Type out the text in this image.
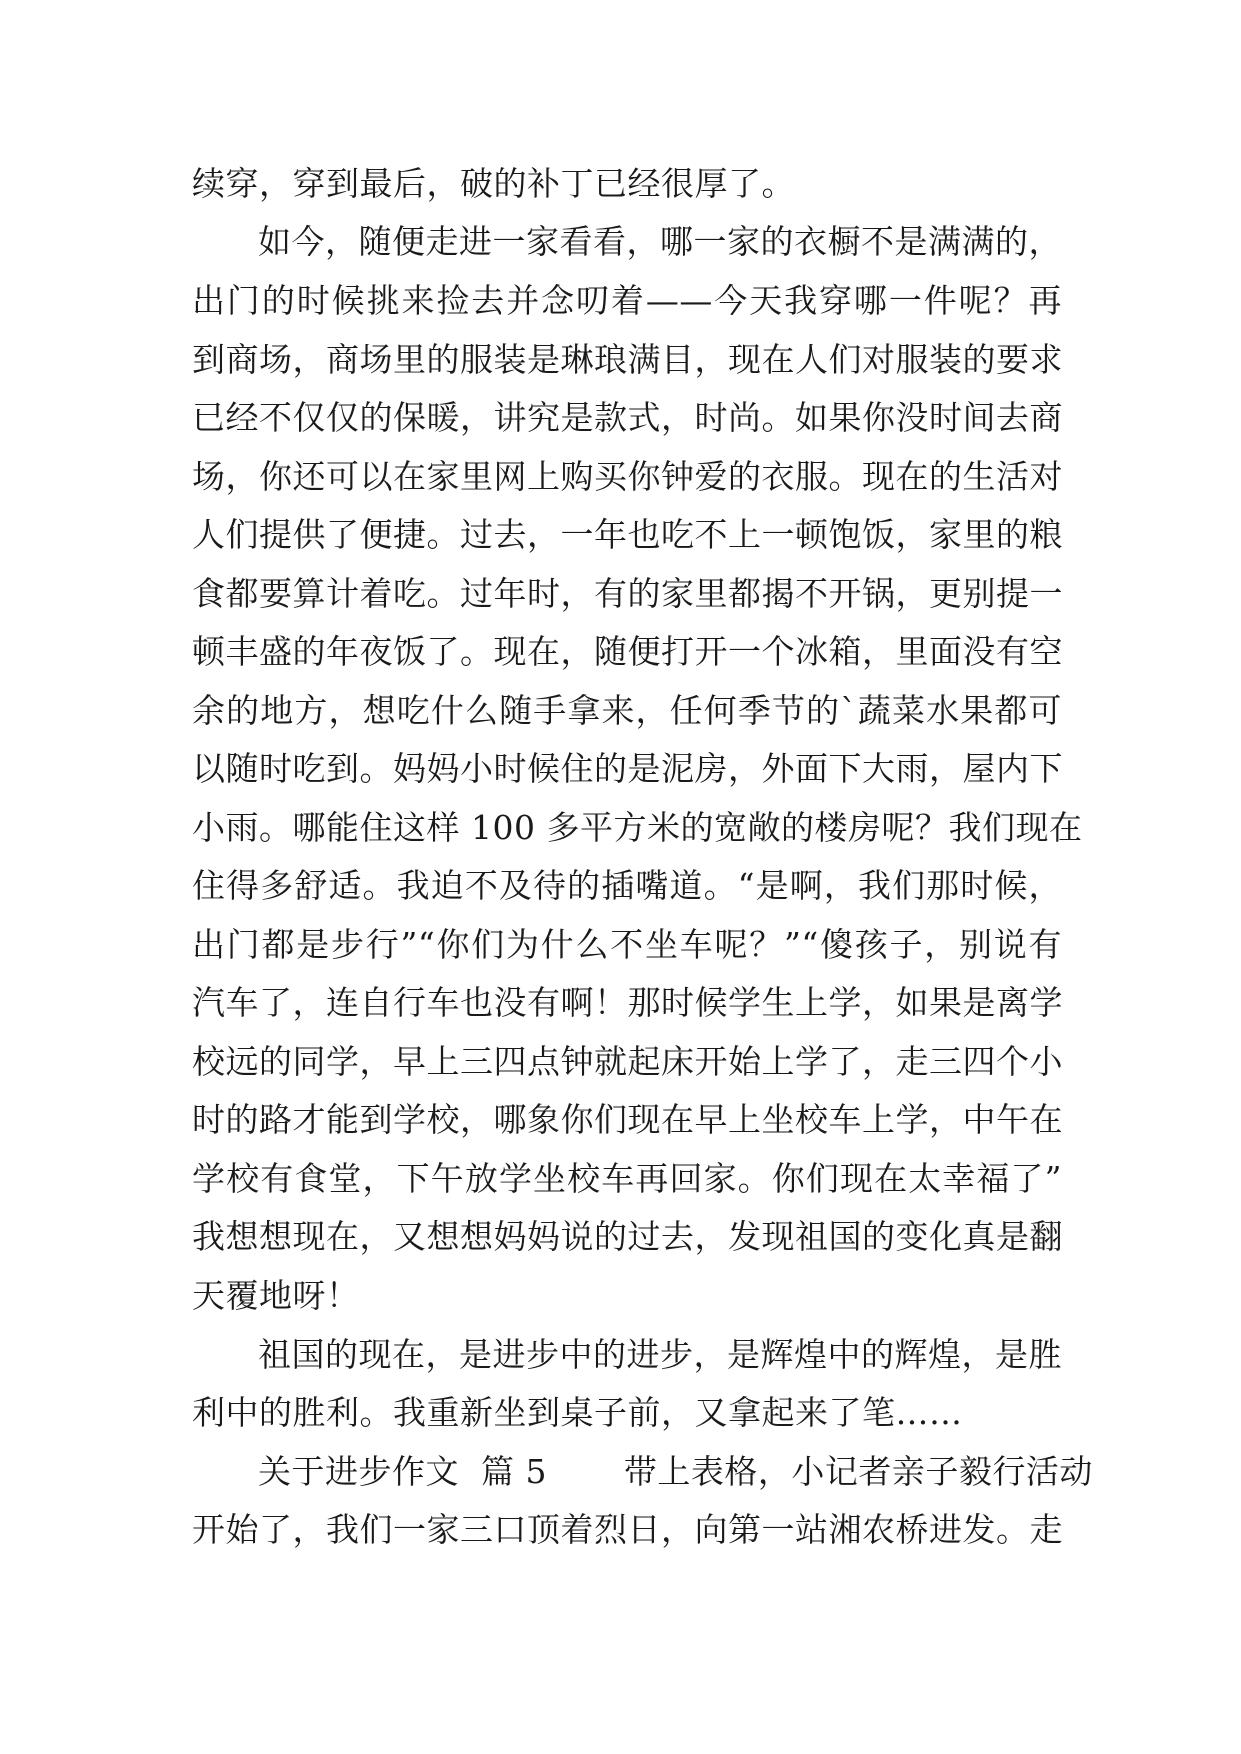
续穿，穿到最后，破的补丁已经很厚了。
如今，随便走进一家看看，哪一家的衣橱不是满满的，
出门的时候挑来捡去并念叨着——今天我穿哪一件呢？再
到商场，商场里的服装是琳琅满目，现在人们对服装的要求
已经不仅仅的保暖，讲究是款式，时尚。如果你没时间去商
场，你还可以在家里网上购买你钟爱的衣服。现在的生活对
人们提供了便捷。过去，一年也吃不上一顿饱饭，家里的粮
食都要算计着吃。过年时，有的家里都揭不开锅，更别提一
顿丰盛的年夜饭了。现在，随便打开一个冰箱，里面没有空
余的地方，想吃什么随手拿来，任何季节的`蔬菜水果都可
以随时吃到。妈妈小时候住的是泥房，外面下大雨，屋内下
小雨。哪能住这样 100 多平方米的宽敞的楼房呢？我们现在
住得多舒适。我迫不及待的插嘴道。“是啊，我们那时候，
出门都是步行”“你们为什么不坐车呢？”“傻孩子，别说有
汽车了，连自行车也没有啊！那时候学生上学，如果是离学
校远的同学，早上三四点钟就起床开始上学了，走三四个小
时的路才能到学校，哪象你们现在早上坐校车上学，中午在
学校有食堂，下午放学坐校车再回家。你们现在太幸福了”
我想想现在，又想想妈妈说的过去，发现祖国的变化真是翻
天覆地呀！
祖国的现在，是进步中的进步，是辉煌中的辉煌，是胜
利中的胜利。我重新坐到桌子前，又拿起来了笔……
关于进步作文  篇 5       带上表格，小记者亲子毅行活动
开始了，我们一家三口顶着烈日，向第一站湘农桥进发。走
